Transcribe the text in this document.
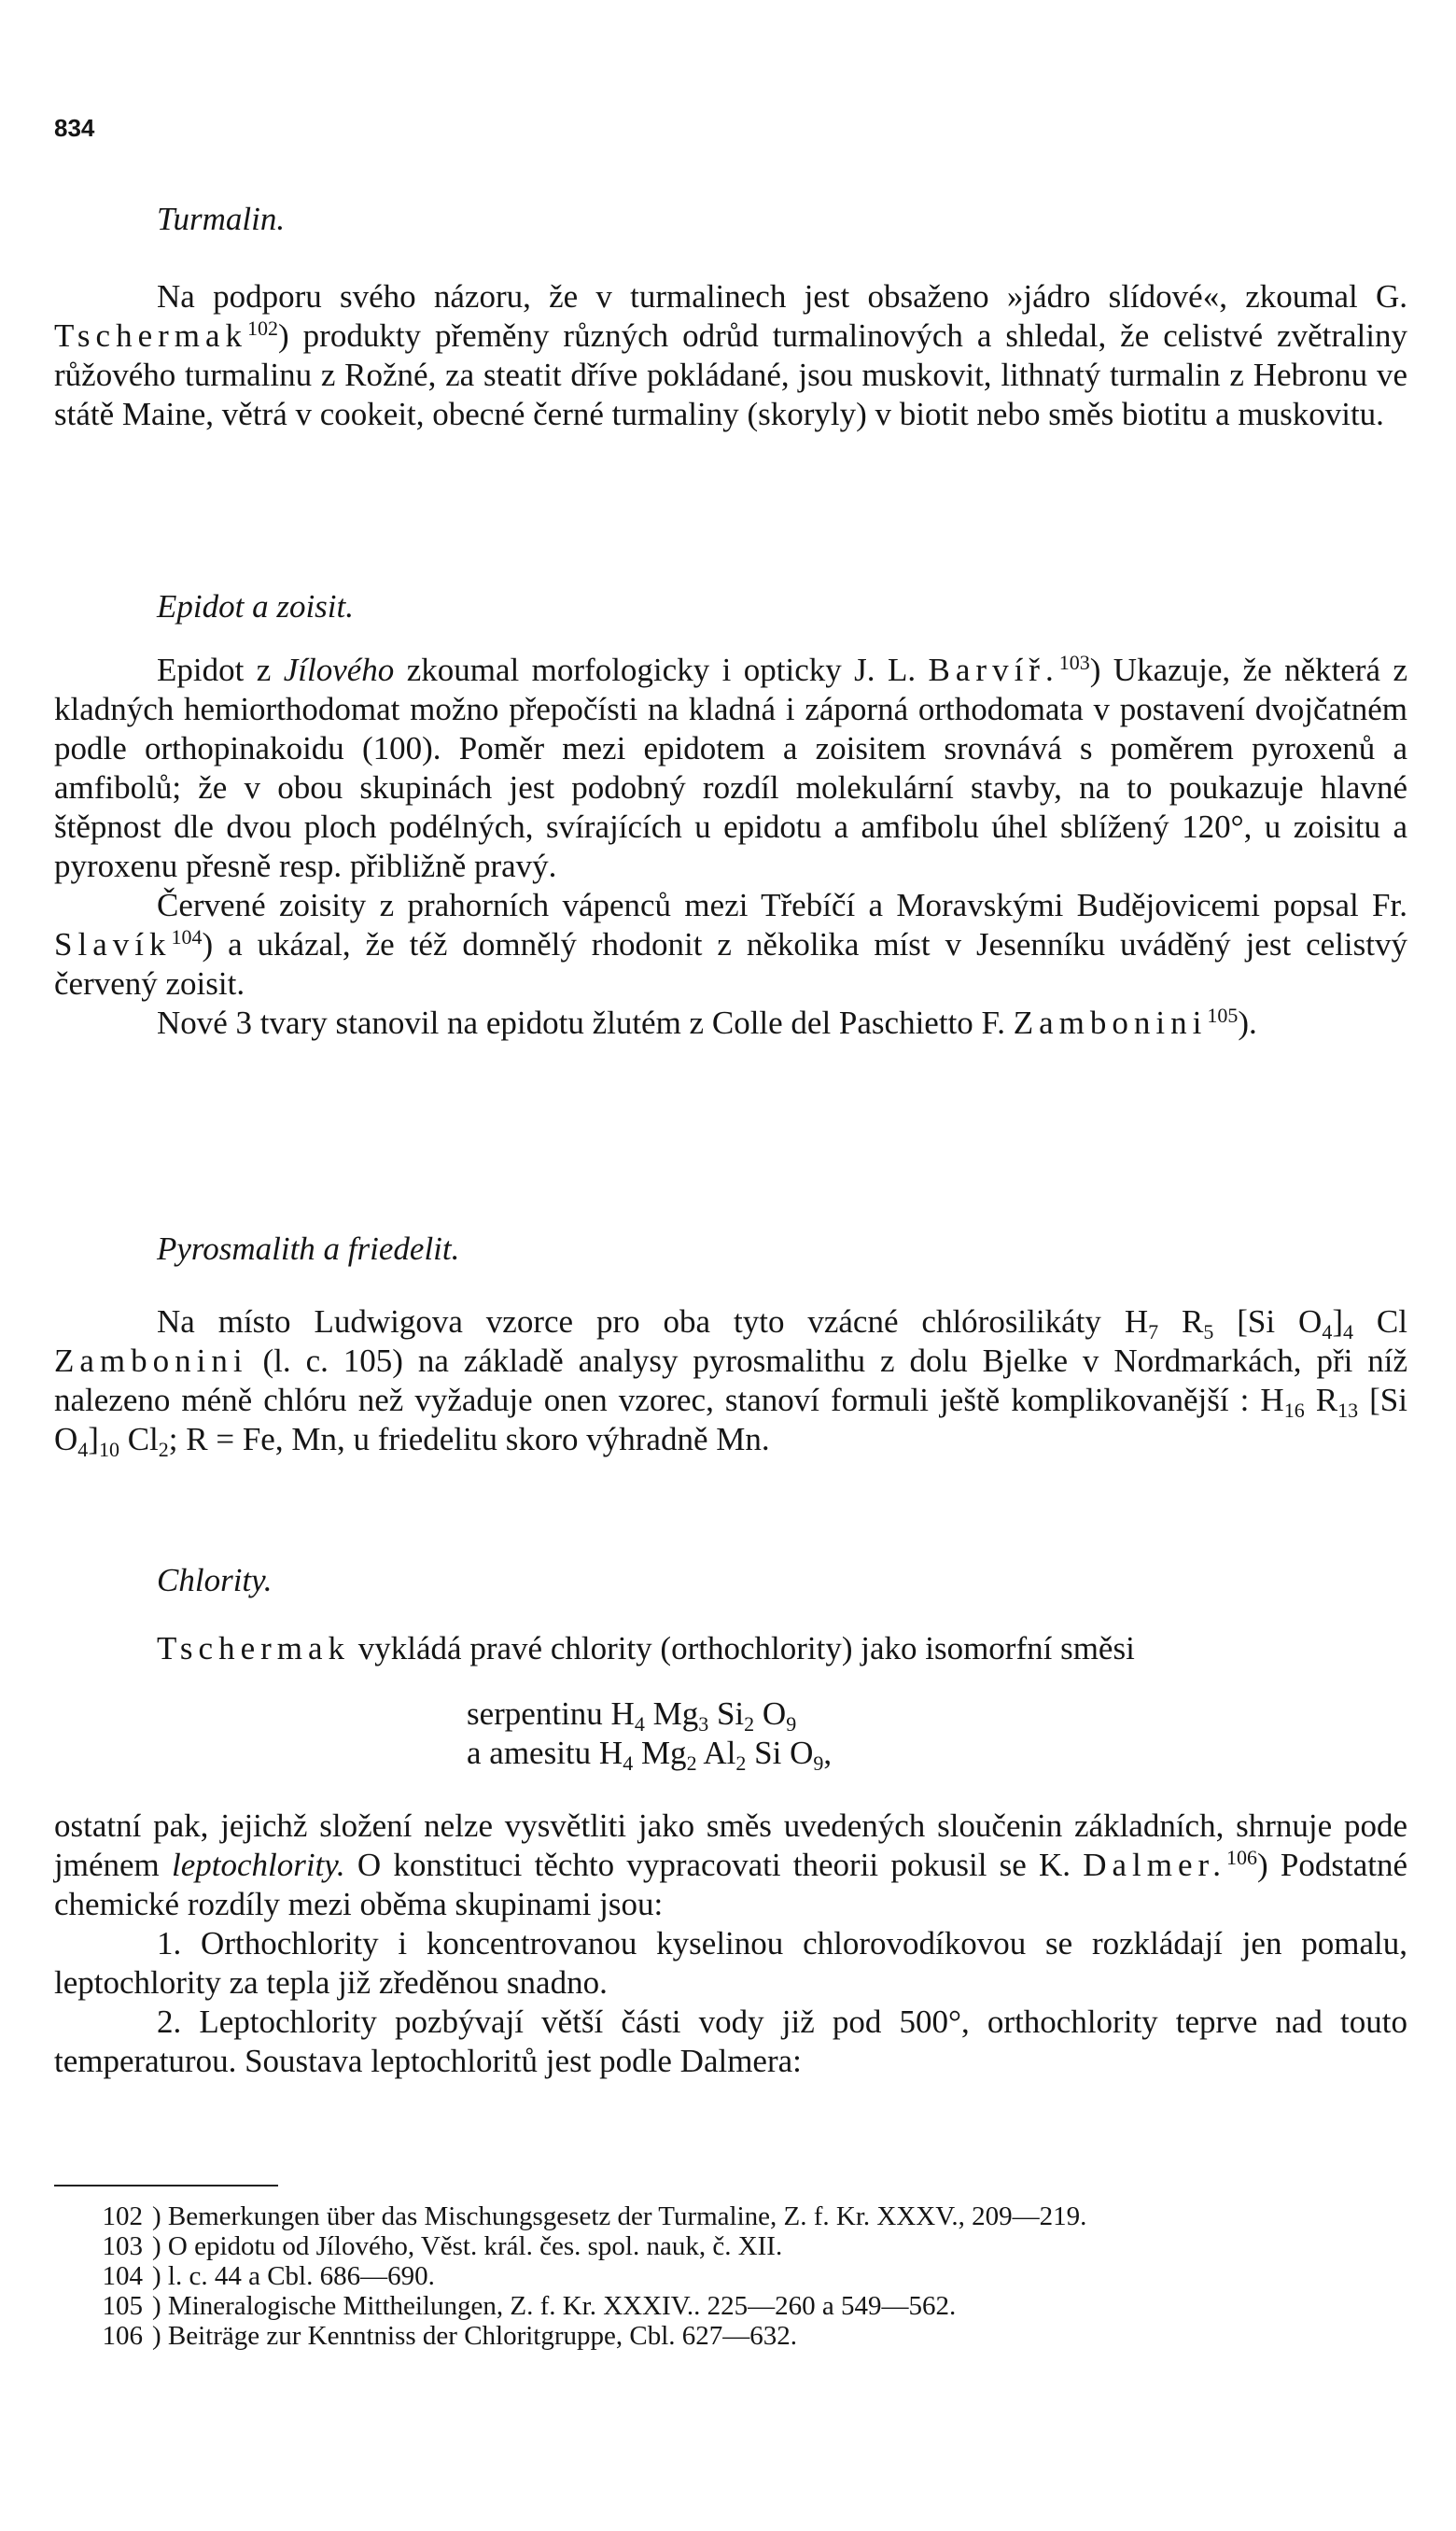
834

Turmalin.

Na podporu svého názoru, že v turmalinech jest obsaženo »jádro slídové«, zkoumal G. Tschermak$^{102}$) produkty přeměny různých odrůd turmalinových a shledal, že celistvé zvětraliny růžového turmalinu z Rožné, za steatit dříve pokládané, jsou muskovit, lithnatý turmalin z Hebronu ve státě Maine, větrá v cookeit, obecné černé turmaliny (skoryly) v biotit nebo směs biotitu a muskovitu.

Epidot a zoisit.

Epidot z Jílového zkoumal morfologicky i opticky J. L. Barvíř.$^{103}$) Ukazuje, že některá z kladných hemiorthodomat možno přepočísti na kladná i záporná orthodomata v postavení dvojčatném podle orthopinakoidu (100). Poměr mezi epidotem a zoisitem srovnává s poměrem pyroxenů a amfibolů; že v obou skupinách jest podobný rozdíl molekulární stavby, na to poukazuje hlavné štěpnost dle dvou ploch podélných, svírajících u epidotu a amfibolu úhel sblížený 120°, u zoisitu a pyroxenu přesně resp. přibližně pravý.

Červené zoisity z prahorních vápenců mezi Třebíčí a Moravskými Budějovicemi popsal Fr. Slavík$^{104}$) a ukázal, že též domnělý rhodonit z několika míst v Jesenníku uváděný jest celistvý červený zoisit.

Nové 3 tvary stanovil na epidotu žlutém z Colle del Paschietto F. Zambonini$^{105}$).

Pyrosmalith a friedelit.

Na místo Ludwigova vzorce pro oba tyto vzácné chlórosilikáty $H_7$ $R_5$ [Si $O_4]_4$ Cl Zambonini (l. c. 105) na základě analysy pyrosmalithu z dolu Bjelke v Nordmarkách, při níž nalezeno méně chlóru než vyžaduje onen vzorec, stanoví formuli ještě komplikovanější : $H_{16}$ $R_{13}$ [Si $O_4]_{10}$ $Cl_2$; R = Fe, Mn, u friedelitu skoro výhradně Mn.

Chlority.

Tschermak vykládá pravé chlority (orthochlority) jako isomorfní směsi

serpentinu $H_4$ $Mg_3$ $Si_2$ $O_9$
a amesitu $H_4$ $Mg_2$ $Al_2$ Si $O_9$,

ostatní pak, jejichž složení nelze vysvětliti jako směs uvedených sloučenin základních, shrnuje pode jménem leptochlority. O konstituci těchto vypracovati theorii pokusil se K. Dalmer.$^{106}$) Podstatné chemické rozdíly mezi oběma skupinami jsou:

1. Orthochlority i koncentrovanou kyselinou chlorovodíkovou se rozkládají jen pomalu, leptochlority za tepla již zředěnou snadno.

2. Leptochlority pozbývají větší části vody již pod 500°, orthochlority teprve nad touto temperaturou. Soustava leptochloritů jest podle Dalmera:

102 ) Bemerkungen über das Mischungsgesetz der Turmaline, Z. f. Kr. XXXV., 209—219.

103 ) O epidotu od Jílového, Věst. král. čes. spol. nauk, č. XII.

104 ) l. c. 44 a Cbl. 686—690.

105 ) Mineralogische Mittheilungen, Z. f. Kr. XXXIV.. 225—260 a 549—562.

106 ) Beiträge zur Kenntniss der Chloritgruppe, Cbl. 627—632.
